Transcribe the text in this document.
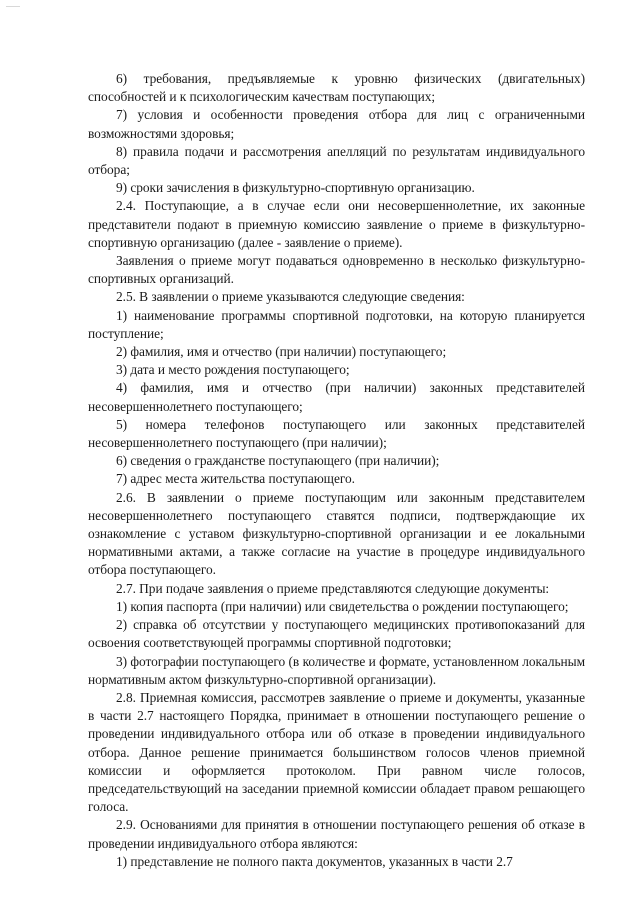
6) требования, предъявляемые к уровню физических (двигательных) способностей и к психологическим качествам поступающих;

7) условия и особенности проведения отбора для лиц с ограниченными возможностями здоровья;

8) правила подачи и рассмотрения апелляций по результатам индивидуального отбора;

9) сроки зачисления в физкультурно-спортивную организацию.

2.4. Поступающие, а в случае если они несовершеннолетние, их законные представители подают в приемную комиссию заявление о приеме в физкультурно-спортивную организацию (далее - заявление о приеме).

Заявления о приеме могут подаваться одновременно в несколько физкультурно-спортивных организаций.

2.5. В заявлении о приеме указываются следующие сведения:

1) наименование программы спортивной подготовки, на которую планируется поступление;

2) фамилия, имя и отчество (при наличии) поступающего;

3) дата и место рождения поступающего;

4) фамилия, имя и отчество (при наличии) законных представителей несовершеннолетнего поступающего;

5) номера телефонов поступающего или законных представителей несовершеннолетнего поступающего (при наличии);

6) сведения о гражданстве поступающего (при наличии);

7) адрес места жительства поступающего.

2.6. В заявлении о приеме поступающим или законным представителем несовершеннолетнего поступающего ставятся подписи, подтверждающие их ознакомление с уставом физкультурно-спортивной организации и ее локальными нормативными актами, а также согласие на участие в процедуре индивидуального отбора поступающего.

2.7. При подаче заявления о приеме представляются следующие документы:

1) копия паспорта (при наличии) или свидетельства о рождении поступающего;

2) справка об отсутствии у поступающего медицинских противопоказаний для освоения соответствующей программы спортивной подготовки;

3) фотографии поступающего (в количестве и формате, установленном локальным нормативным актом физкультурно-спортивной организации).

2.8. Приемная комиссия, рассмотрев заявление о приеме и документы, указанные в части 2.7 настоящего Порядка, принимает в отношении поступающего решение о проведении индивидуального отбора или об отказе в проведении индивидуального отбора. Данное решение принимается большинством голосов членов приемной комиссии и оформляется протоколом. При равном числе голосов, председательствующий на заседании приемной комиссии обладает правом решающего голоса.

2.9. Основаниями для принятия в отношении поступающего решения об отказе в проведении индивидуального отбора являются:

1) представление не полного пакта документов, указанных в части 2.7
